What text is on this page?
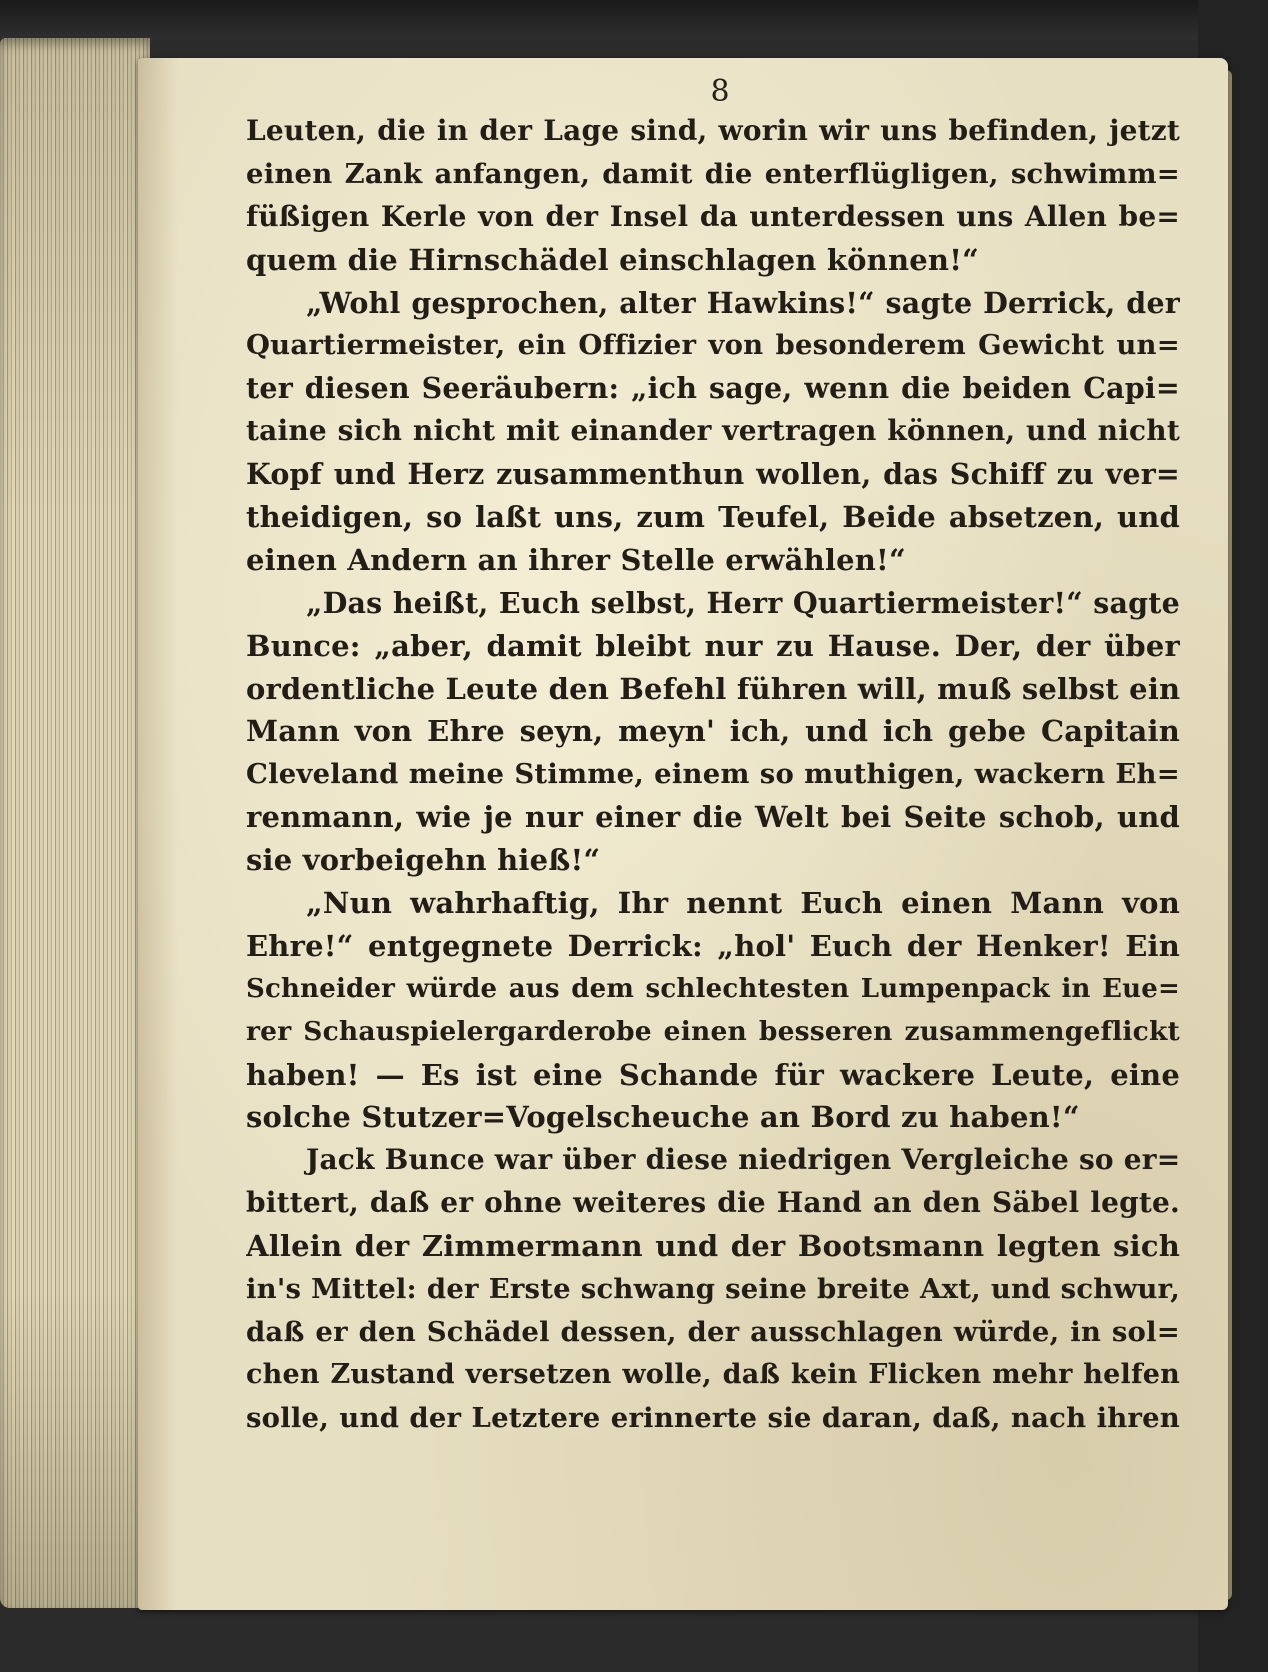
8
Leuten, die in der Lage sind, worin wir uns befinden, jetzt
einen Zank anfangen, damit die enterflügligen, schwimm=
füßigen Kerle von der Insel da unterdessen uns Allen be=
quem die Hirnschädel einschlagen können!“
„Wohl gesprochen, alter Hawkins!“ sagte Derrick, der
Quartiermeister, ein Offizier von besonderem Gewicht un=
ter diesen Seeräubern: „ich sage, wenn die beiden Capi=
taine sich nicht mit einander vertragen können, und nicht
Kopf und Herz zusammenthun wollen, das Schiff zu ver=
theidigen, so laßt uns, zum Teufel, Beide absetzen, und
einen Andern an ihrer Stelle erwählen!“
„Das heißt, Euch selbst, Herr Quartiermeister!“ sagte
Bunce: „aber, damit bleibt nur zu Hause. Der, der über
ordentliche Leute den Befehl führen will, muß selbst ein
Mann von Ehre seyn, meyn' ich, und ich gebe Capitain
Cleveland meine Stimme, einem so muthigen, wackern Eh=
renmann, wie je nur einer die Welt bei Seite schob, und
sie vorbeigehn hieß!“
„Nun wahrhaftig, Ihr nennt Euch einen Mann von
Ehre!“ entgegnete Derrick: „hol' Euch der Henker! Ein
Schneider würde aus dem schlechtesten Lumpenpack in Eue=
rer Schauspielergarderobe einen besseren zusammengeflickt
haben! — Es ist eine Schande für wackere Leute, eine
solche Stutzer=Vogelscheuche an Bord zu haben!“
Jack Bunce war über diese niedrigen Vergleiche so er=
bittert, daß er ohne weiteres die Hand an den Säbel legte.
Allein der Zimmermann und der Bootsmann legten sich
in's Mittel: der Erste schwang seine breite Axt, und schwur,
daß er den Schädel dessen, der ausschlagen würde, in sol=
chen Zustand versetzen wolle, daß kein Flicken mehr helfen
solle, und der Letztere erinnerte sie daran, daß, nach ihren
